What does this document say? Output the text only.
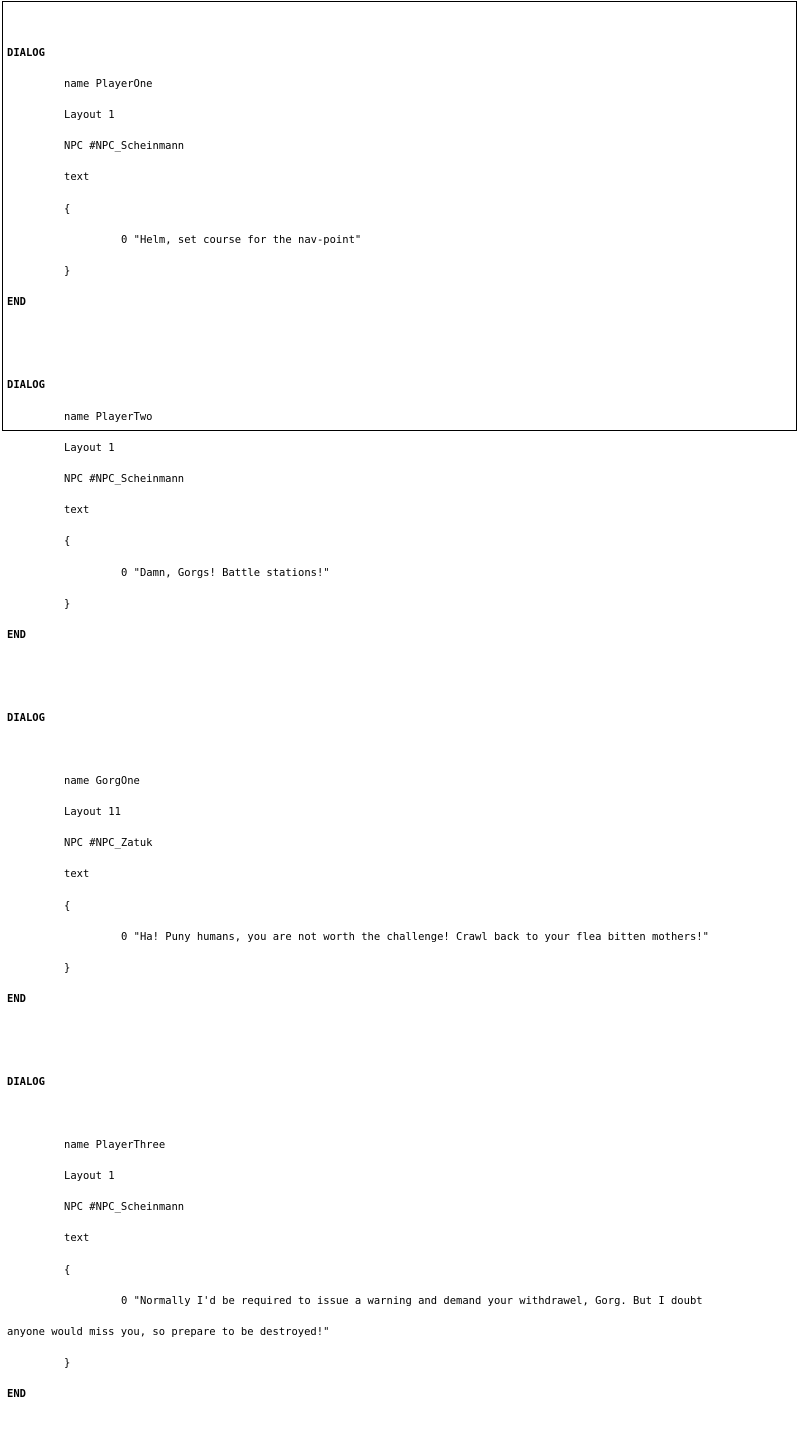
DIALOG

name PlayerOne

Layout 1

NPC #NPC_Scheinmann

text

{

0 "Helm, set course for the nav-point"

}

END

DIALOG

name PlayerTwo

Layout 1

NPC #NPC_Scheinmann

text

{

0 "Damn, Gorgs! Battle stations!"

}

END

DIALOG

name GorgOne

Layout 11

NPC #NPC_Zatuk

text

{

0 "Ha! Puny humans, you are not worth the challenge! Crawl back to your flea bitten mothers!"

}

END

DIALOG

name PlayerThree

Layout 1

NPC #NPC_Scheinmann

text

{

0 "Normally I'd be required to issue a warning and demand your withdrawel, Gorg. But I doubt

anyone would miss you, so prepare to be destroyed!"

}

END
